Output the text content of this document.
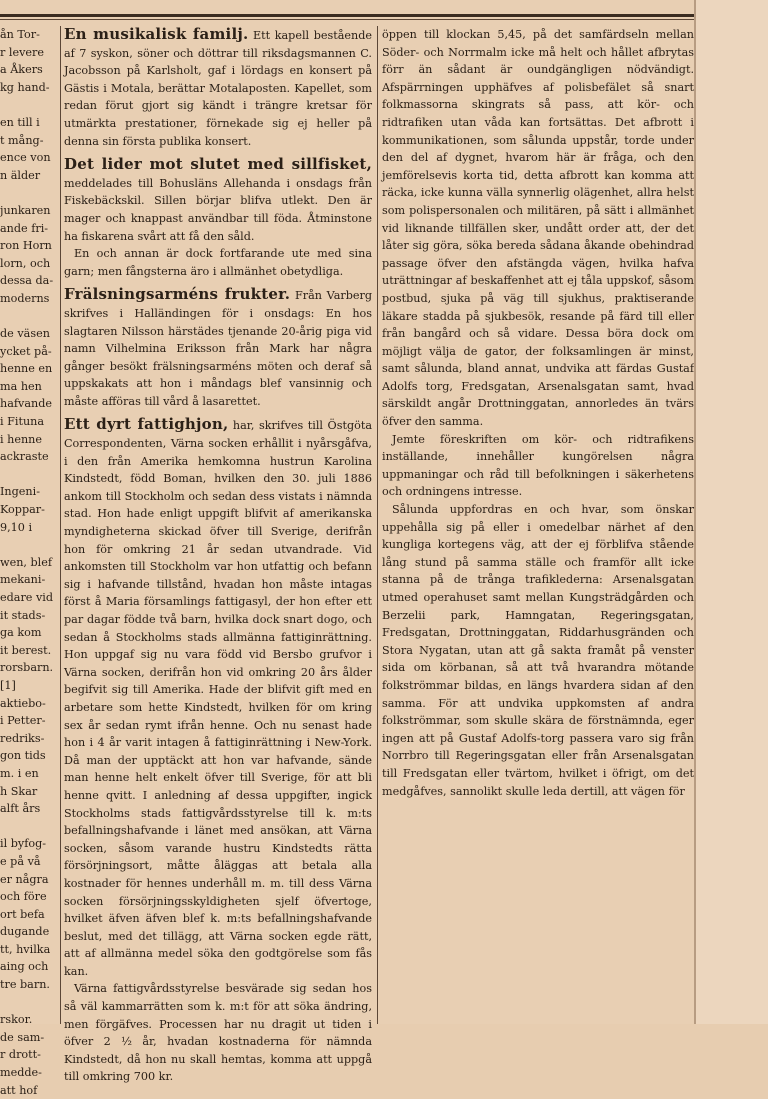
ån Tor-
r levere
a Åkers
kg hand-

en till i
t mång-
ence von
n älder

junkaren
ande fri-
ron Horn
lorn, och
dessa da-
moderns

de väsen
ycket på-
henne en
ma hen
hafvande
i Fituna
i henne
ackraste

Ingeni-
Koppar-
9,10 i

wen, blef
mekani-
edare vid
it stads-
ga kom
it berest.
rorsbarn.
[1]
aktiebo-
i Petter-
redriks-
gon tids
m. i en
h Skar
alft års

il byfog-
e på vå
er några
och före
ort befa
dugande
tt, hvilka
aing och
tre barn.

rskor.
de sam-
r drott-
medde-
att hof

En musikalisk familj. Ett kapell bestående af 7 syskon, söner och döttrar till riksdagsmannen C. Jacobsson på Karlsholt, gaf i lördags en konsert på Gästis i Motala, berättar Motalaposten. Kapellet, som redan förut gjort sig kändt i trängre kretsar för utmärkta prestationer, förnekade sig ej heller på denna sin första publika konsert.

Det lider mot slutet med sillfisket, meddelades till Bohusläns Allehanda i onsdags från Fiskebäckskil. Sillen börjar blifva utlekt. Den är mager och knappast användbar till föda. Åtminstone ha fiskarena svårt att få den såld.

En och annan är dock fortfarande ute med sina garn; men fångsterna äro i allmänhet obetydliga.

Frälsningsarméns frukter. Från Varberg skrifves i Halländingen för i onsdags: En hos slagtaren Nilsson härstädes tjenande 20-årig piga vid namn Vilhelmina Eriksson från Mark har några gånger besökt frälsningsarméns möten och deraf så uppskakats att hon i måndags blef vansinnig och måste afföras till vård å lasarettet.

Ett dyrt fattighjon, har, skrifves till Östgöta Correspondenten, Värna socken erhållit i nyårsgåfva, i den från Amerika hemkomna hustrun Karolina Kindstedt, född Boman, hvilken den 30. juli 1886 ankom till Stockholm och sedan dess vistats i nämnda stad. Hon hade enligt uppgift blifvit af amerikanska myndigheterna skickad öfver till Sverige, derifrån hon för omkring 21 år sedan utvandrade. Vid ankomsten till Stockholm var hon utfattig och befann sig i hafvande tillstånd, hvadan hon måste intagas först å Maria församlings fattigasyl, der hon efter ett par dagar födde två barn, hvilka dock snart dogo, och sedan å Stockholms stads allmänna fattiginrättning. Hon uppgaf sig nu vara född vid Bersbo grufvor i Värna socken, derifrån hon vid omkring 20 års ålder begifvit sig till Amerika. Hade der blifvit gift med en arbetare som hette Kindstedt, hvilken för om kring sex år sedan rymt ifrån henne. Och nu senast hade hon i 4 år varit intagen å fattiginrättning i New-York. Då man der upptäckt att hon var hafvande, sände man henne helt enkelt öfver till Sverige, för att bli henne qvitt. I anledning af dessa uppgifter, ingick Stockholms stads fattigvårdsstyrelse till k. m:ts befallningshafvande i länet med ansökan, att Värna socken, såsom varande hustru Kindstedts rätta försörjningsort, måtte åläggas att betala alla kostnader för hennes underhåll m. m. till dess Värna socken försörjningsskyldigheten sjelf öfvertoge, hvilket äfven äfven blef k. m:ts befallningshafvande beslut, med det tillägg, att Värna socken egde rätt, att af allmänna medel söka den godtgörelse som fås kan.

Värna fattigvårdsstyrelse besvärade sig sedan hos så väl kammarrätten som k. m:t för att söka ändring, men förgäfves. Processen har nu dragit ut tiden i öfver 2 ½ år, hvadan kostnaderna för nämnda Kindstedt, då hon nu skall hemtas, komma att uppgå till omkring 700 kr.

öppen till klockan 5,45, på det samfärdseln mellan Söder- och Norrmalm icke må helt och hållet afbrytas förr än sådant är oundgängligen nödvändigt. Afspärrningen upphäfves af polisbefälet så snart folkmassorna skingrats så pass, att kör- och ridtrafiken utan våda kan fortsättas. Det afbrott i kommunikationen, som sålunda uppstår, torde under den del af dygnet, hvarom här är fråga, och den jemförelsevis korta tid, detta afbrott kan komma att räcka, icke kunna välla synnerlig olägenhet, allra helst som polispersonalen och militären, på sätt i allmänhet vid liknande tillfällen sker, undått order att, der det låter sig göra, söka bereda sådana åkande obehindrad passage öfver den afstängda vägen, hvilka hafva uträttningar af beskaffenhet att ej tåla uppskof, såsom postbud, sjuka på väg till sjukhus, praktiserande läkare stadda på sjukbesök, resande på färd till eller från bangård och så vidare. Dessa böra dock om möjligt välja de gator, der folksamlingen är minst, samt sålunda, bland annat, undvika att färdas Gustaf Adolfs torg, Fredsgatan, Arsenalsgatan samt, hvad särskildt angår Drottninggatan, annorledes än tvärs öfver den samma.

Jemte föreskriften om kör- och ridtrafikens inställande, innehåller kungörelsen några uppmaningar och råd till befolkningen i säkerhetens och ordningens intresse.

Sålunda uppfordras en och hvar, som önskar uppehålla sig på eller i omedelbar närhet af den kungliga kortegens väg, att der ej förblifva stående lång stund på samma ställe och framför allt icke stanna på de trånga trafiklederna: Arsenalsgatan utmed operahuset samt mellan Kungsträdgården och Berzelii park, Hamngatan, Regeringsgatan, Fredsgatan, Drottninggatan, Riddarhusgränden och Stora Nygatan, utan att gå sakta framåt på venster sida om körbanan, så att två hvarandra mötande folkströmmar bildas, en längs hvardera sidan af den samma. För att undvika uppkomsten af andra folkströmmar, som skulle skära de förstnämnda, eger ingen att på Gustaf Adolfs-torg passera varo sig från Norrbro till Regeringsgatan eller från Arsenalsgatan till Fredsgatan eller tvärtom, hvilket i öfrigt, om det medgåfves, sannolikt skulle leda dertill, att vägen för
